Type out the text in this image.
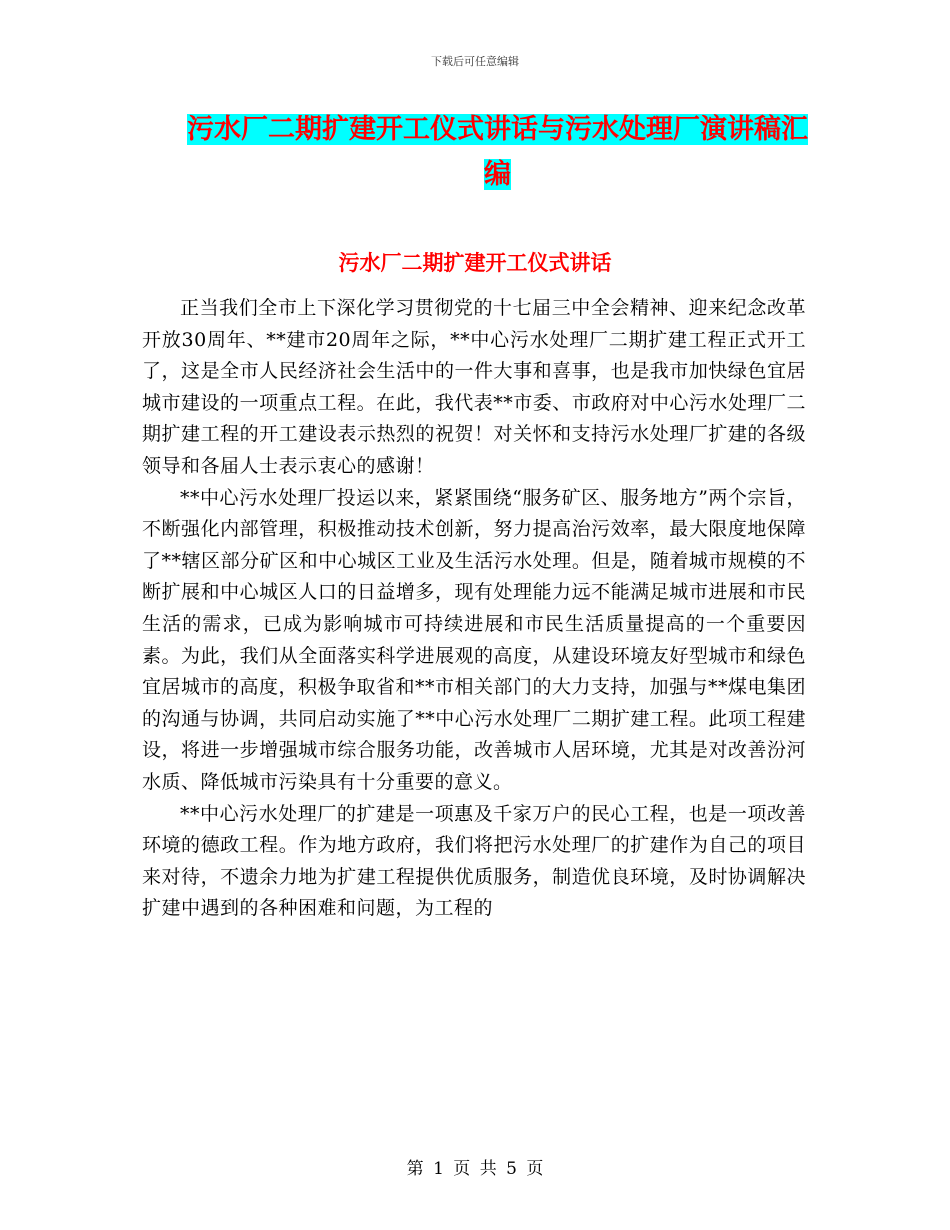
下载后可任意编辑
污水厂二期扩建开工仪式讲话与污水处理厂演讲稿汇编
污水厂二期扩建开工仪式讲话

正当我们全市上下深化学习贯彻党的十七届三中全会精神、迎来纪念改革开放30周年、**建市20周年之际，**中心污水处理厂二期扩建工程正式开工了，这是全市人民经济社会生活中的一件大事和喜事，也是我市加快绿色宜居城市建设的一项重点工程。在此，我代表**市委、市政府对中心污水处理厂二期扩建工程的开工建设表示热烈的祝贺！对关怀和支持污水处理厂扩建的各级领导和各届人士表示衷心的感谢！

**中心污水处理厂投运以来，紧紧围绕“服务矿区、服务地方”两个宗旨，不断强化内部管理，积极推动技术创新，努力提高治污效率，最大限度地保障了**辖区部分矿区和中心城区工业及生活污水处理。但是，随着城市规模的不断扩展和中心城区人口的日益增多，现有处理能力远不能满足城市进展和市民生活的需求，已成为影响城市可持续进展和市民生活质量提高的一个重要因素。为此，我们从全面落实科学进展观的高度，从建设环境友好型城市和绿色宜居城市的高度，积极争取省和**市相关部门的大力支持，加强与**煤电集团的沟通与协调，共同启动实施了**中心污水处理厂二期扩建工程。此项工程建设，将进一步增强城市综合服务功能，改善城市人居环境，尤其是对改善汾河水质、降低城市污染具有十分重要的意义。

**中心污水处理厂的扩建是一项惠及千家万户的民心工程，也是一项改善环境的德政工程。作为地方政府，我们将把污水处理厂的扩建作为自己的项目来对待，不遗余力地为扩建工程提供优质服务，制造优良环境，及时协调解决扩建中遇到的各种困难和问题，为工程的

第 1 页 共 5 页
